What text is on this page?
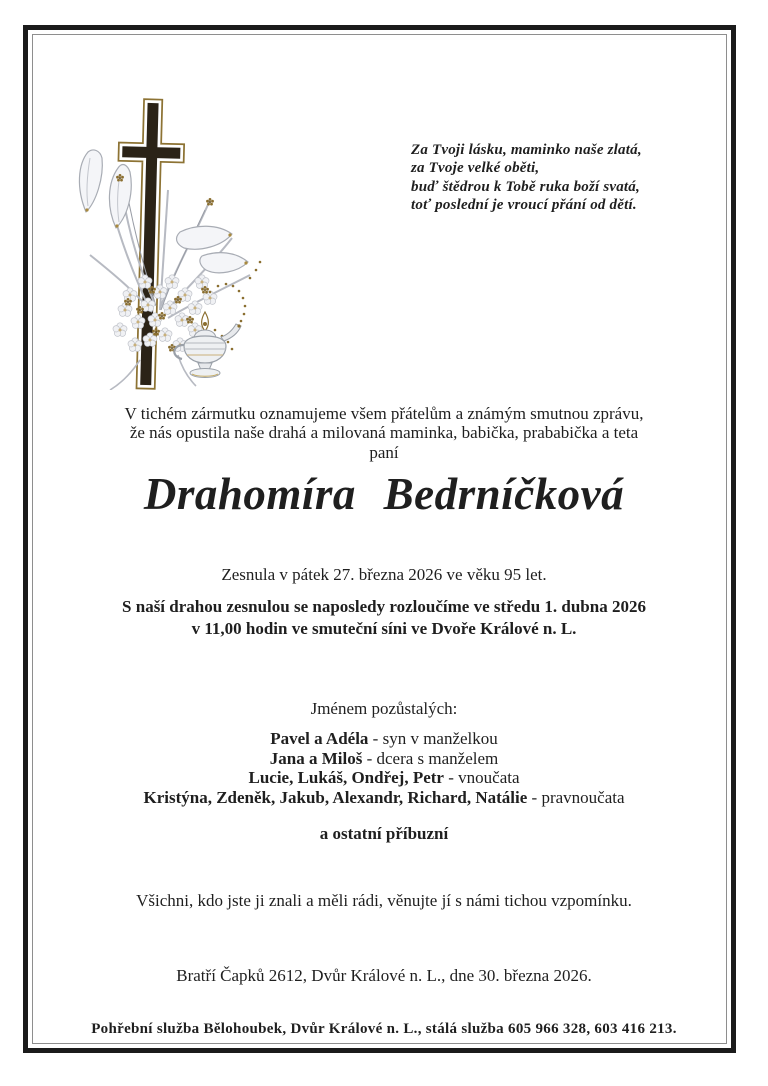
Za Tvoji lásku, maminko naše zlatá,
za Tvoje velké oběti,
buď štědrou k Tobě ruka boží svatá,
toť poslední je vroucí přání od dětí.
V tichém zármutku oznamujeme všem přátelům a známým smutnou zprávu,
že nás opustila naše drahá a milovaná maminka, babička, prababička a teta
paní
Drahomíra Bedrníčková
Zesnula v pátek 27. března 2026 ve věku 95 let.
S naší drahou zesnulou se naposledy rozloučíme ve středu 1. dubna 2026
v 11,00 hodin ve smuteční síni ve Dvoře Králové n. L.
Jménem pozůstalých:
Pavel a Adéla - syn v manželkou
Jana a Miloš - dcera s manželem
Lucie, Lukáš, Ondřej, Petr - vnoučata
Kristýna, Zdeněk, Jakub, Alexandr, Richard, Natálie - pravnoučata
a ostatní příbuzní
Všichni, kdo jste ji znali a měli rádi, věnujte jí s námi tichou vzpomínku.
Bratří Čapků 2612, Dvůr Králové n. L., dne 30. března 2026.
Pohřební služba Bělohoubek, Dvůr Králové n. L., stálá služba 605 966 328, 603 416 213.
